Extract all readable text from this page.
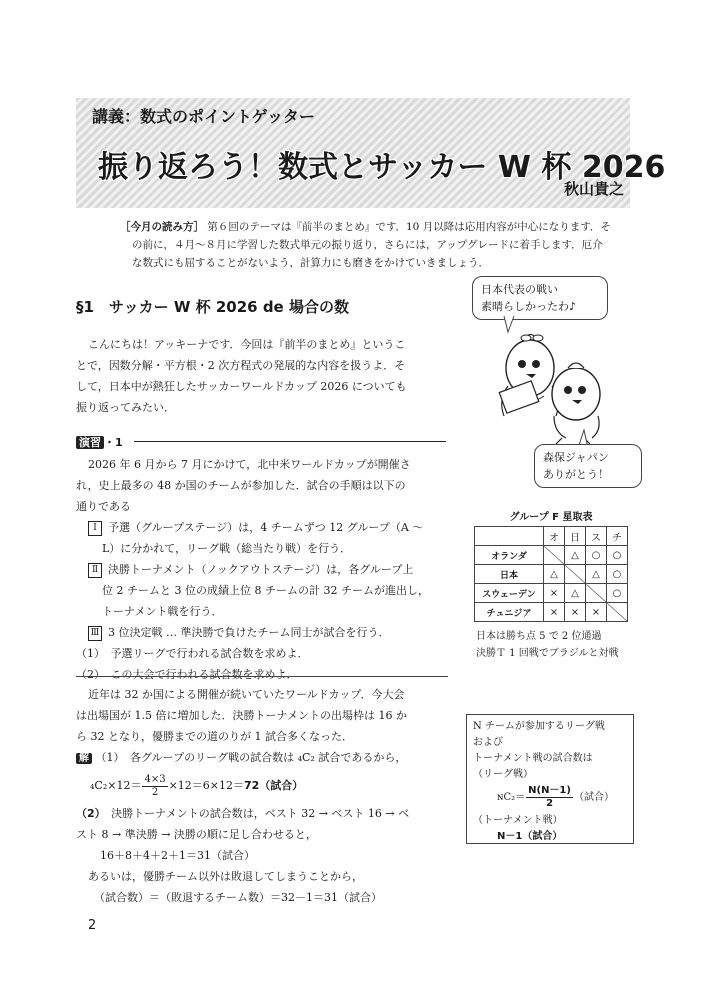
講義：数式のポイントゲッター
振り返ろう！数式とサッカー W 杯 2026
秋山貴之
［今月の読み方］ 第６回のテーマは『前半のまとめ』です．10 月以降は応用内容が中心になります．そ
の前に，４月～８月に学習した数式単元の振り返り，さらには，アップグレードに着手します．厄介
な数式にも屈することがないよう，計算力にも磨きをかけていきましょう．
§1　サッカー W 杯 2026 de 場合の数

こんにちは！アッキーナです．今回は『前半のまとめ』というこ

とで，因数分解・平方根・2 次方程式の発展的な内容を扱うよ．そ

して，日本中が熱狂したサッカーワールドカップ 2026 についても

振り返ってみたい．

演習 ・1

2026 年 6 月から 7 月にかけて，北中米ワールドカップが開催さ

れ，史上最多の 48 か国のチームが参加した．試合の手順は以下の

通りである

Ⅰ 予選（グループステージ）は，4 チームずつ 12 グループ（A ～

L）に分かれて，リーグ戦（総当たり戦）を行う．

Ⅱ 決勝トーナメント（ノックアウトステージ）は，各グループ上

位 2 チームと 3 位の成績上位 8 チームの計 32 チームが進出し，

トーナメント戦を行う．

Ⅲ 3 位決定戦 … 準決勝で負けたチーム同士が試合を行う．

（1）　予選リーグで行われる試合数を求めよ．

（2）　この大会で行われる試合数を求めよ．

近年は 32 か国による開催が続いていたワールドカップ．今大会

は出場国が 1.5 倍に増加した．決勝トーナメントの出場枠は 16 か

ら 32 となり，優勝までの道のりが 1 試合多くなった．

解 （1）　各グループのリーグ戦の試合数は ₄C₂ 試合であるから，

$_4C_2\times 12= \frac{4\times 3}{2} \times 12=6\times 12=72$（試合）

（2）　 決勝トーナメントの試合数は，ベスト 32 → ベスト 16 → ベ

スト 8 → 準決勝 → 決勝の順に足し合わせると，

16＋8＋4＋2＋1＝31（試合）

あるいは，優勝チーム以外は敗退してしまうことから，

（試合数）＝（敗退するチーム数）＝32－1＝31（試合）

2
日本代表の戦い
素晴らしかったわ♪
森保ジャパン
ありがとう！
グループ F 星取表
	オ	日	ス	チ
オランダ		△	○	○
日本	△		△	○
スウェーデン	×	△		○
チュニジア	×	×	×	
日本は勝ち点 5 で 2 位通過
決勝Ｔ 1 回戦でブラジルと対戦

N チームが参加するリーグ戦

および

トーナメント戦の試合数は

（リーグ戦）

ɴC₂＝ $\frac{N(N-1)}{2}$ （試合）

（トーナメント戦）

N－1（試合）
